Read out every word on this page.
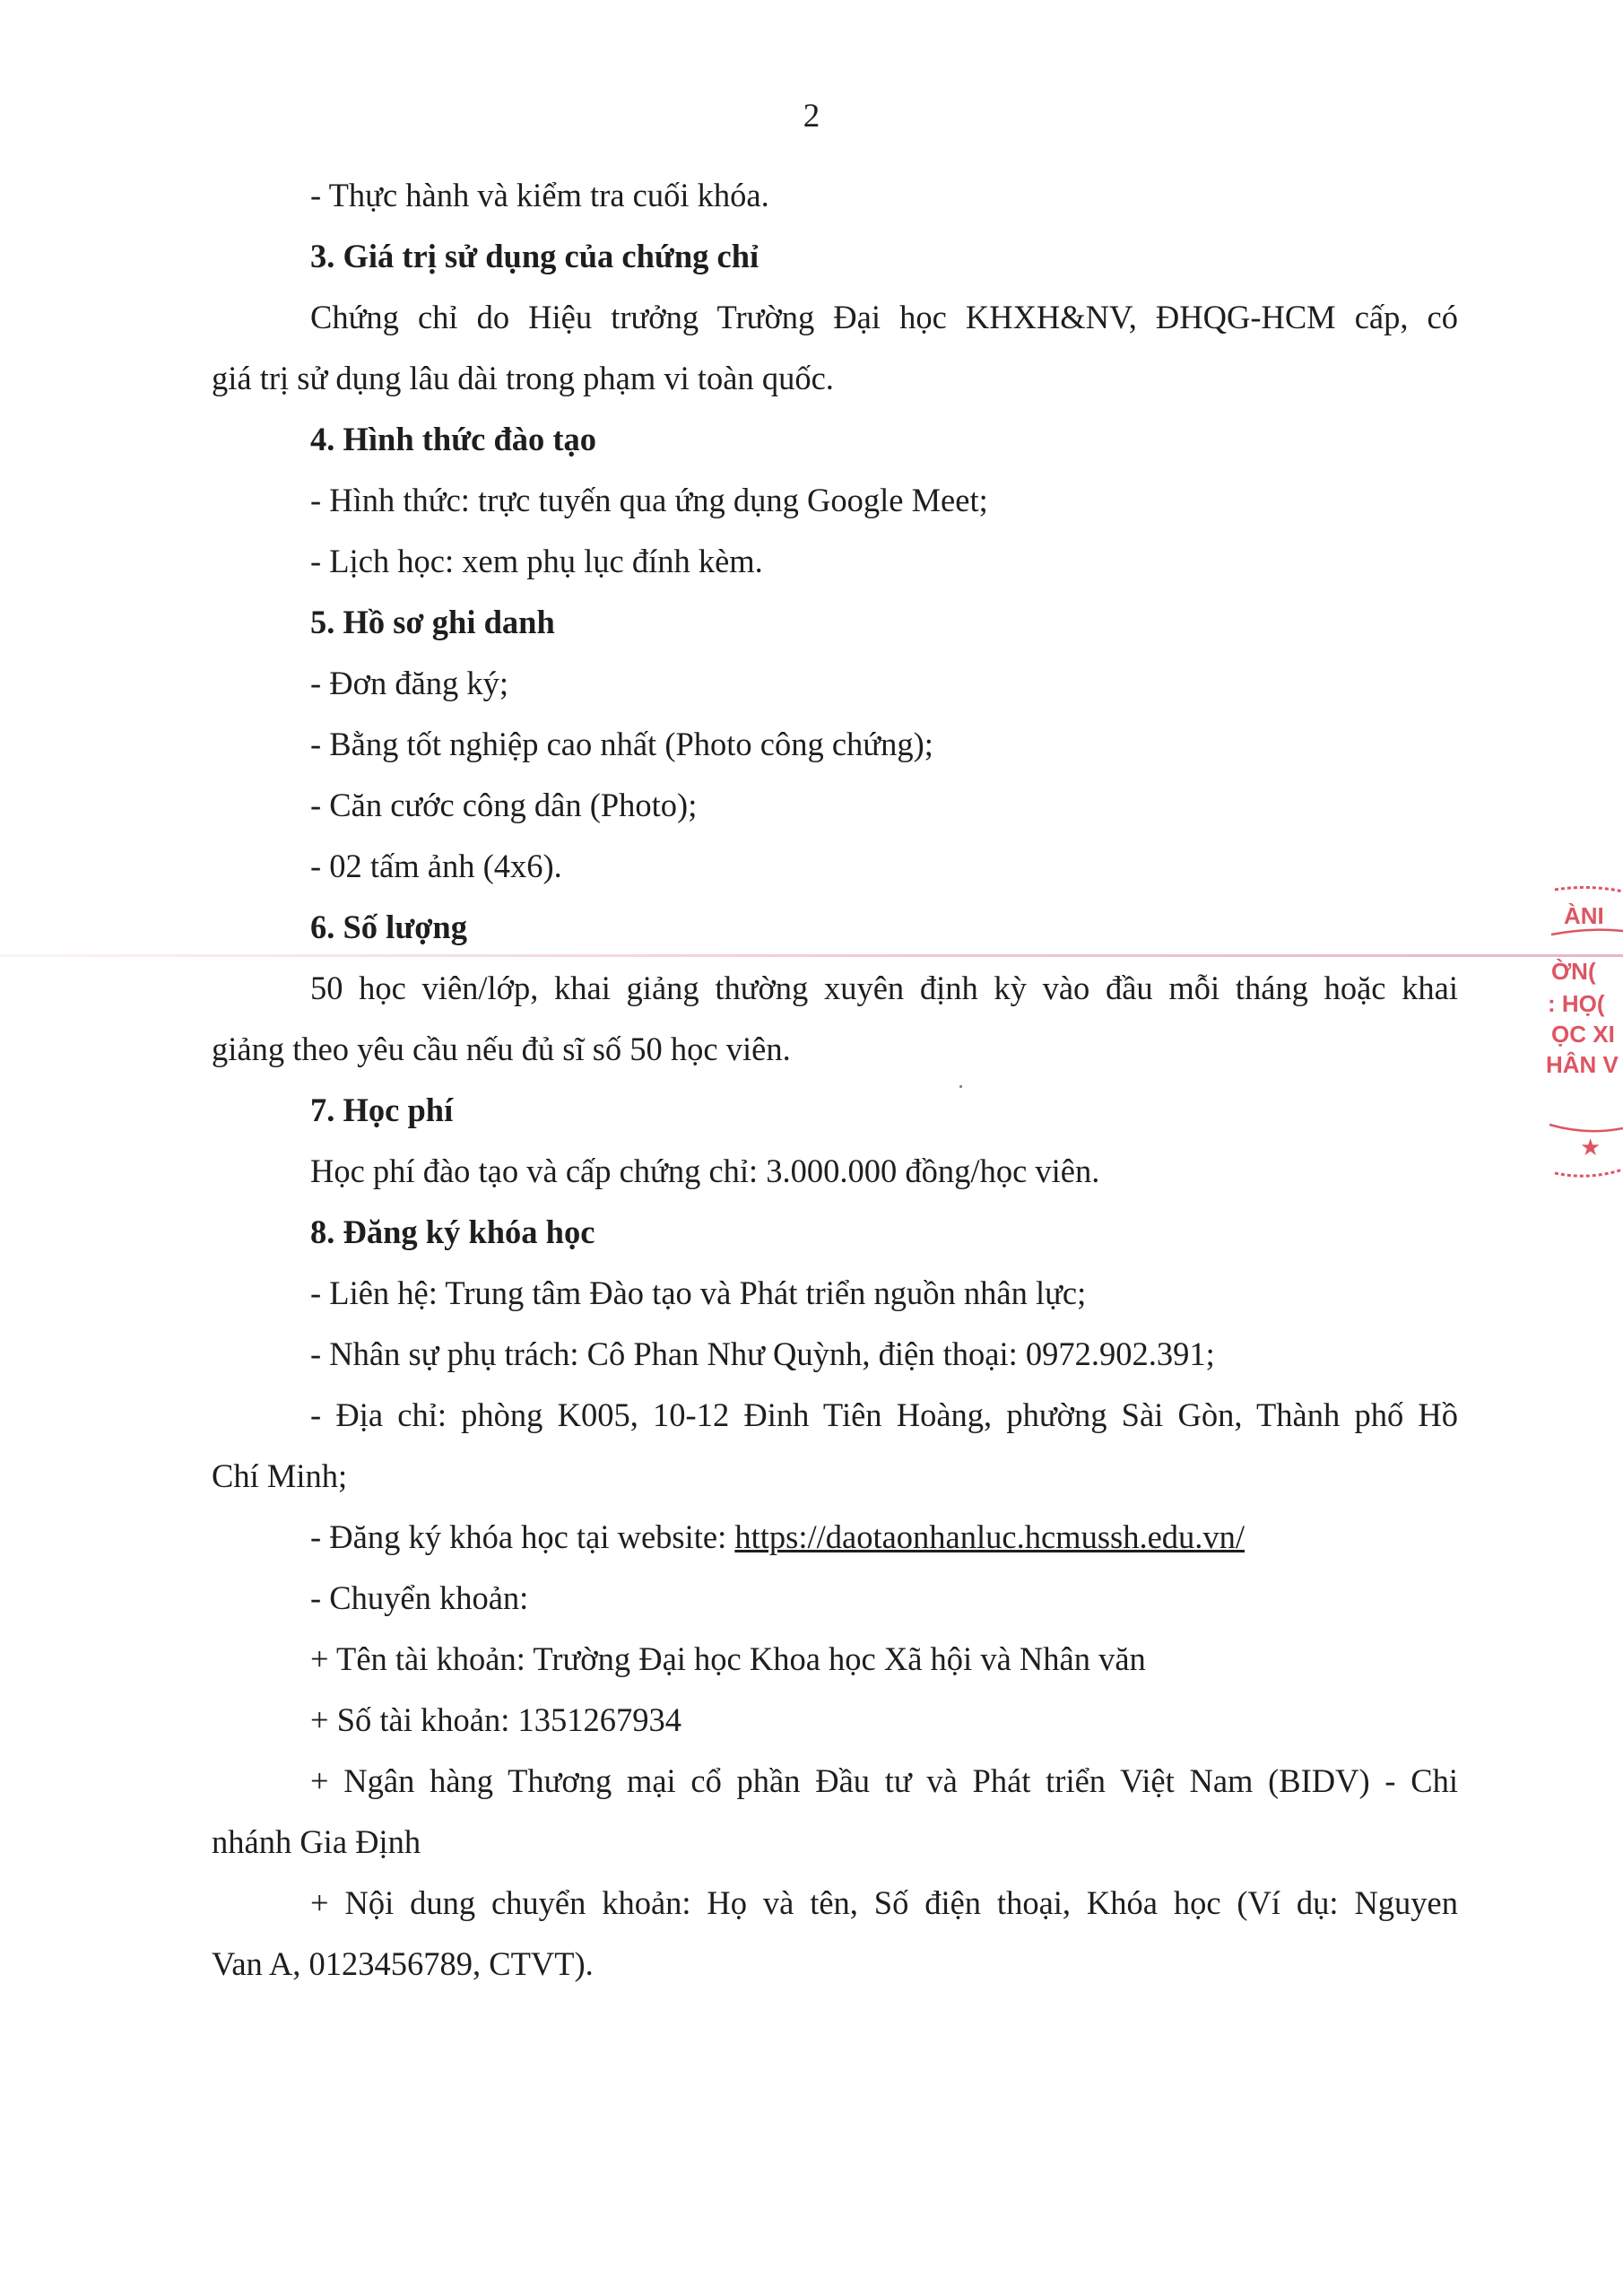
2
- Thực hành và kiểm tra cuối khóa.
3. Giá trị sử dụng của chứng chỉ
Chứng chỉ do Hiệu trưởng Trường Đại học KHXH&NV, ĐHQG-HCM cấp, có
giá trị sử dụng lâu dài trong phạm vi toàn quốc.
4. Hình thức đào tạo
- Hình thức: trực tuyến qua ứng dụng Google Meet;
- Lịch học: xem phụ lục đính kèm.
5. Hồ sơ ghi danh
- Đơn đăng ký;
- Bằng tốt nghiệp cao nhất (Photo công chứng);
- Căn cước công dân (Photo);
- 02 tấm ảnh (4x6).
6. Số lượng
50 học viên/lớp, khai giảng thường xuyên định kỳ vào đầu mỗi tháng hoặc khai
giảng theo yêu cầu nếu đủ sĩ số 50 học viên.
7. Học phí
Học phí đào tạo và cấp chứng chỉ: 3.000.000 đồng/học viên.
8. Đăng ký khóa học
- Liên hệ: Trung tâm Đào tạo và Phát triển nguồn nhân lực;
- Nhân sự phụ trách: Cô Phan Như Quỳnh, điện thoại: 0972.902.391;
- Địa chỉ: phòng K005, 10-12 Đinh Tiên Hoàng, phường Sài Gòn, Thành phố Hồ
Chí Minh;
- Đăng ký khóa học tại website: https://daotaonhanluc.hcmussh.edu.vn/
- Chuyển khoản:
+ Tên tài khoản: Trường Đại học Khoa học Xã hội và Nhân văn
+ Số tài khoản: 1351267934
+ Ngân hàng Thương mại cổ phần Đầu tư và Phát triển Việt Nam (BIDV) - Chi
nhánh Gia Định
+ Nội dung chuyển khoản: Họ và tên, Số điện thoại, Khóa học (Ví dụ: Nguyen
Van A, 0123456789, CTVT).
ÀNI
ỜN(
: HỌ(
ỌC XI
HÂN V
★
